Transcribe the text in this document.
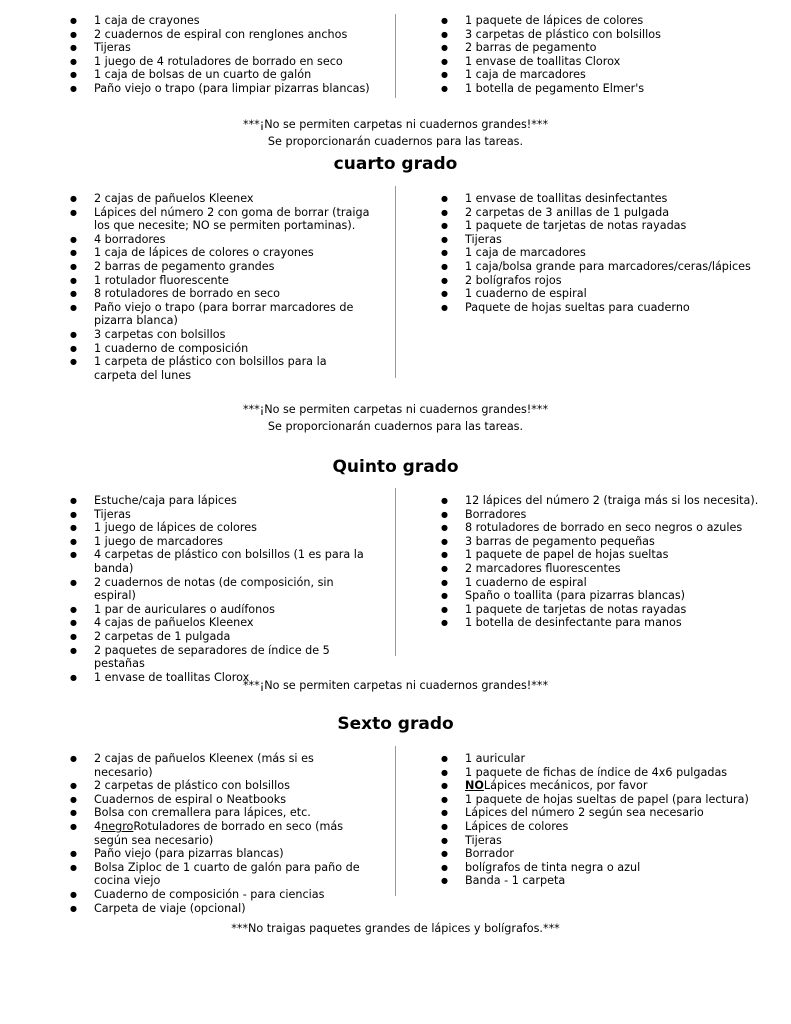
● 1 caja de crayones
● 2 cuadernos de espiral con renglones anchos
● Tijeras
● 1 juego de 4 rotuladores de borrado en seco
● 1 caja de bolsas de un cuarto de galón
● Paño viejo o trapo (para limpiar pizarras blancas)
● 1 paquete de lápices de colores
● 3 carpetas de plástico con bolsillos
● 2 barras de pegamento
● 1 envase de toallitas Clorox
● 1 caja de marcadores
● 1 botella de pegamento Elmer's
***¡No se permiten carpetas ni cuadernos grandes!***
Se proporcionarán cuadernos para las tareas.
cuarto grado
● 2 cajas de pañuelos Kleenex
● Lápices del número 2 con goma de borrar (traiga los que necesite; NO se permiten portaminas).
● 4 borradores
● 1 caja de lápices de colores o crayones
● 2 barras de pegamento grandes
● 1 rotulador fluorescente
● 8 rotuladores de borrado en seco
● Paño viejo o trapo (para borrar marcadores de pizarra blanca)
● 3 carpetas con bolsillos
● 1 cuaderno de composición
● 1 carpeta de plástico con bolsillos para la carpeta del lunes
● 1 envase de toallitas desinfectantes
● 2 carpetas de 3 anillas de 1 pulgada
● 1 paquete de tarjetas de notas rayadas
● Tijeras
● 1 caja de marcadores
● 1 caja/bolsa grande para marcadores/ceras/lápices
● 2 bolígrafos rojos
● 1 cuaderno de espiral
● Paquete de hojas sueltas para cuaderno
***¡No se permiten carpetas ni cuadernos grandes!***
Se proporcionarán cuadernos para las tareas.
Quinto grado
● Estuche/caja para lápices
● Tijeras
● 1 juego de lápices de colores
● 1 juego de marcadores
● 4 carpetas de plástico con bolsillos (1 es para la banda)
● 2 cuadernos de notas (de composición, sin espiral)
● 1 par de auriculares o audífonos
● 4 cajas de pañuelos Kleenex
● 2 carpetas de 1 pulgada
● 2 paquetes de separadores de índice de 5 pestañas
● 1 envase de toallitas Clorox
● 12 lápices del número 2 (traiga más si los necesita).
● Borradores
● 8 rotuladores de borrado en seco negros o azules
● 3 barras de pegamento pequeñas
● 1 paquete de papel de hojas sueltas
● 2 marcadores fluorescentes
● 1 cuaderno de espiral
● Spaño o toallita (para pizarras blancas)
● 1 paquete de tarjetas de notas rayadas
● 1 botella de desinfectante para manos
***¡No se permiten carpetas ni cuadernos grandes!***
Sexto grado
● 2 cajas de pañuelos Kleenex (más si es necesario)
● 2 carpetas de plástico con bolsillos
● Cuadernos de espiral o Neatbooks
● Bolsa con cremallera para lápices, etc.
● 4negroRotuladores de borrado en seco (más según sea necesario)
● Paño viejo (para pizarras blancas)
● Bolsa Ziploc de 1 cuarto de galón para paño de cocina viejo
● Cuaderno de composición - para ciencias
● Carpeta de viaje (opcional)
● 1 auricular
● 1 paquete de fichas de índice de 4x6 pulgadas
● NOLápices mecánicos, por favor
● 1 paquete de hojas sueltas de papel (para lectura)
● Lápices del número 2 según sea necesario
● Lápices de colores
● Tijeras
● Borrador
● bolígrafos de tinta negra o azul
● Banda - 1 carpeta
***No traigas paquetes grandes de lápices y bolígrafos.***
